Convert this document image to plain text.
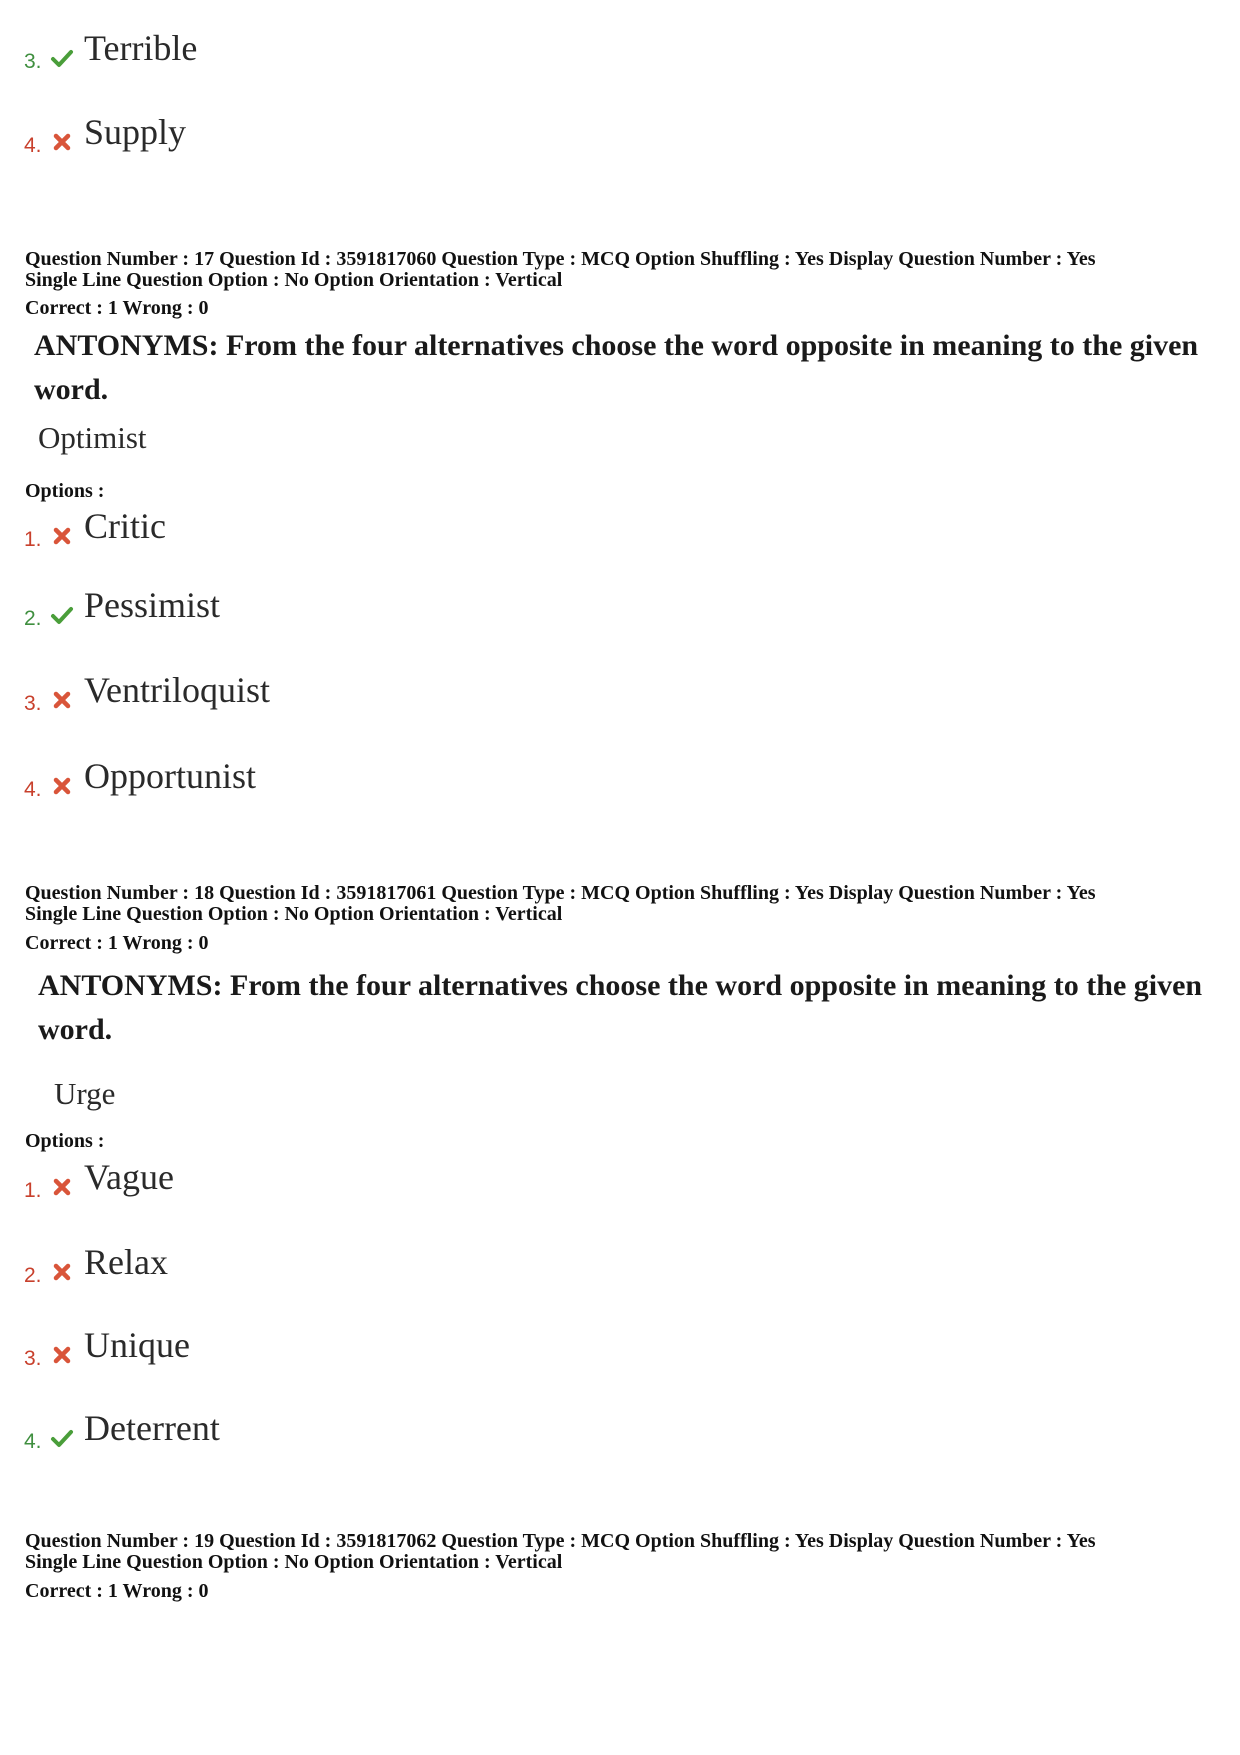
3. Terrible
4. Supply
Question Number : 17 Question Id : 3591817060 Question Type : MCQ Option Shuffling : Yes Display Question Number : Yes
Single Line Question Option : No Option Orientation : Vertical
Correct : 1 Wrong : 0
ANTONYMS: From the four alternatives choose the word opposite in meaning to the given word.
Optimist
Options :
1. Critic
2. Pessimist
3. Ventriloquist
4. Opportunist
Question Number : 18 Question Id : 3591817061 Question Type : MCQ Option Shuffling : Yes Display Question Number : Yes
Single Line Question Option : No Option Orientation : Vertical
Correct : 1 Wrong : 0
ANTONYMS: From the four alternatives choose the word opposite in meaning to the given word.
Urge
Options :
1. Vague
2. Relax
3. Unique
4. Deterrent
Question Number : 19 Question Id : 3591817062 Question Type : MCQ Option Shuffling : Yes Display Question Number : Yes
Single Line Question Option : No Option Orientation : Vertical
Correct : 1 Wrong : 0
